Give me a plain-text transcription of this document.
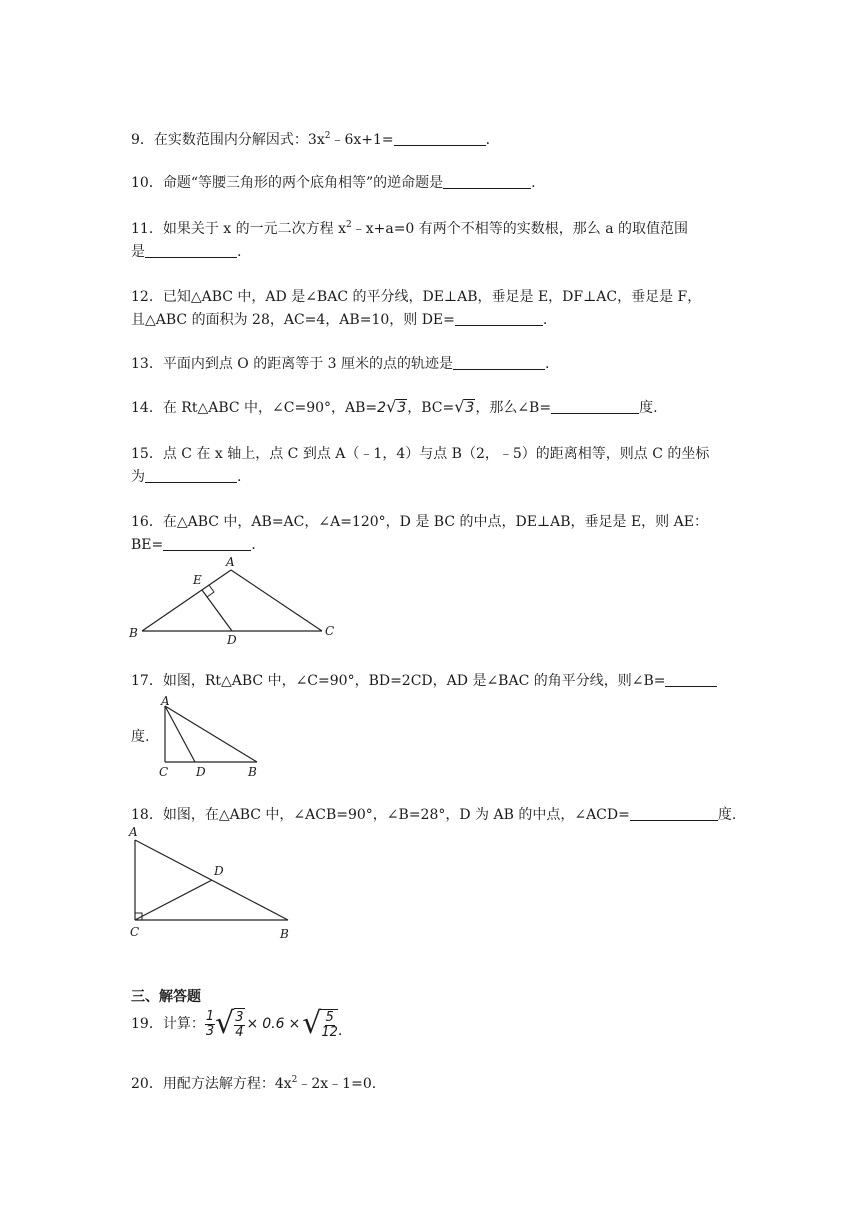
9．在实数范围内分解因式：$3x^2﹣6x+1=$	.
10．命题“等腰三角形的两个底角相等”的逆命题是	.
11．如果关于 x 的一元二次方程 $x^2﹣x+a=0$ 有两个不相等的实数根，那么 a 的取值范围
是	.
12．已知△ABC 中，AD 是∠BAC 的平分线，DE⊥AB，垂足是 E，DF⊥AC，垂足是 F，
且△ABC 的面积为 28，AC=4，AB=10，则 DE=	.
13．平面内到点 O 的距离等于 3 厘米的点的轨迹是	.
14．在 Rt△ABC 中，∠C=90°，AB=2√3，BC=√3，那么∠B=	度.
15．点 C 在 x 轴上，点 C 到点 A（﹣1，4）与点 B（2，﹣5）的距离相等，则点 C 的坐标
为	.
16．在△ABC 中，AB=AC，∠A=120°，D 是 BC 的中点，DE⊥AB，垂足是 E，则 AE：
BE=	.
A
E
B	D
C
17．如图，Rt△ABC 中，∠C=90°，BD=2CD，AD 是∠BAC 的角平分线，则∠B=
度.
A
C D	B
18．如图，在△ABC 中，∠ACB=90°，∠B=28°，D 为 AB 的中点，∠ACD=	度.
A
D
C	B
三、解答题
19． 计算： $\frac{1}{3}$ √ $\frac{3}{4} \times 0.6$ × √ $\frac{5}{12}$ .
20．用配方法解方程：$4x^2﹣2x﹣1=0$.
